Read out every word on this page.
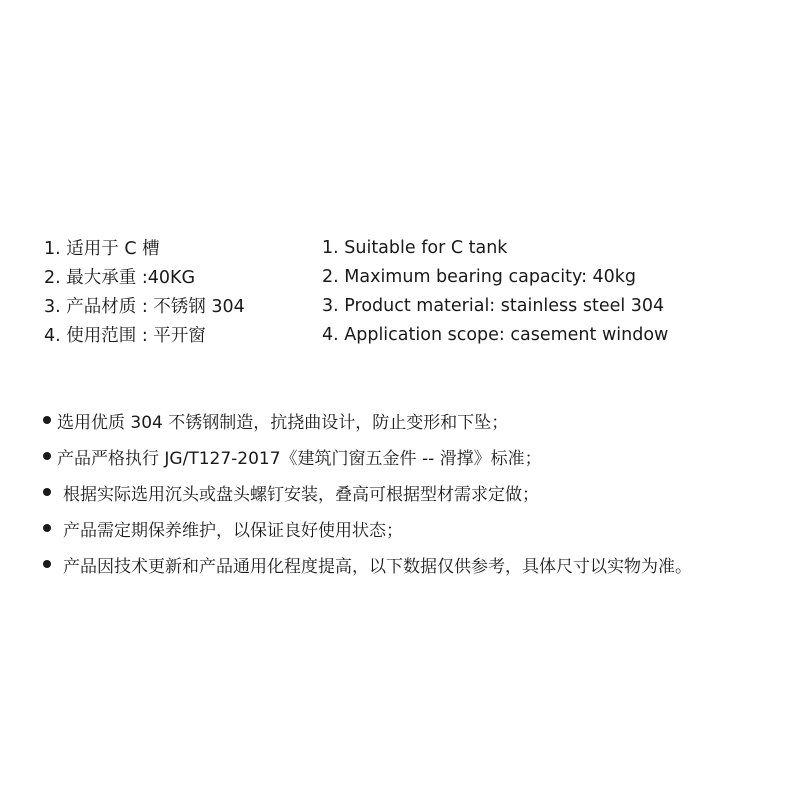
1. 适用于 C 槽	1. Suitable for C tank
2. 最大承重 :40KG	2. Maximum bearing capacity: 40kg
3. 产品材质 : 不锈钢 304	3. Product material: stainless steel 304
4. 使用范围 : 平开窗	4. Application scope: casement window
选用优质 304 不锈钢制造，抗挠曲设计，防止变形和下坠；
产品严格执行 JG/T127-2017《建筑门窗五金件 -- 滑撑》标准；
根据实际选用沉头或盘头螺钉安装，叠高可根据型材需求定做；
产品需定期保养维护，以保证良好使用状态；
产品因技术更新和产品通用化程度提高，以下数据仅供参考，具体尺寸以实物为准。
